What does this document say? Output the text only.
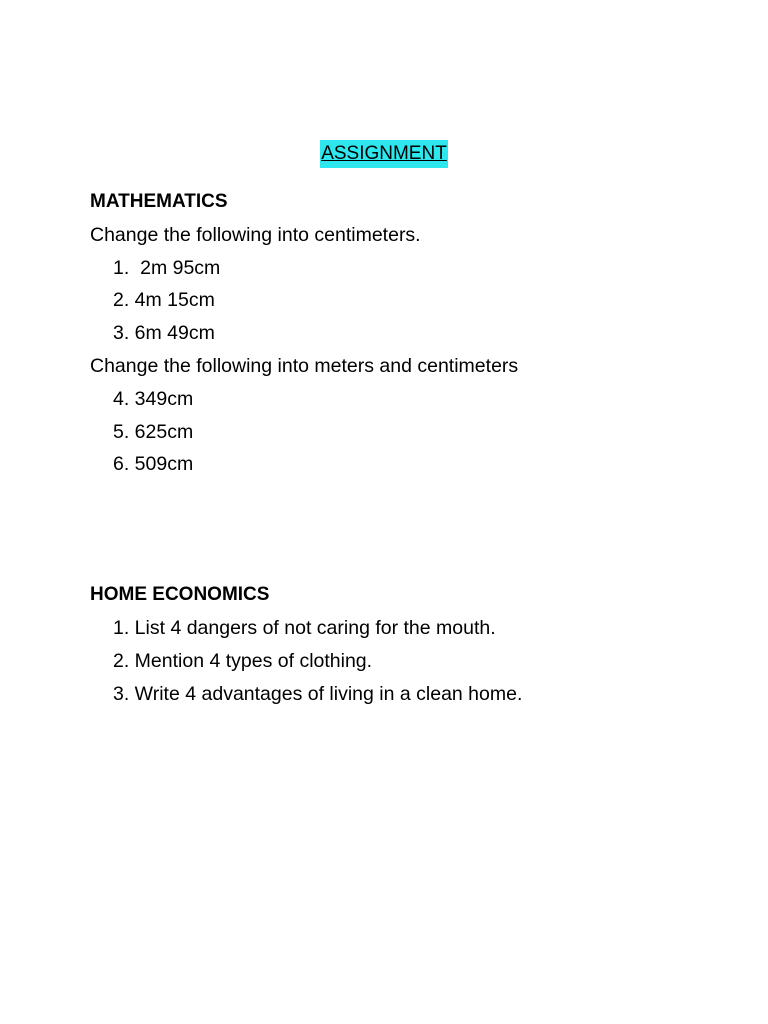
ASSIGNMENT
MATHEMATICS
Change the following into centimeters.
1.  2m 95cm
2. 4m 15cm
3. 6m 49cm
Change the following into meters and centimeters
4. 349cm
5. 625cm
6. 509cm
HOME ECONOMICS
1. List 4 dangers of not caring for the mouth.
2. Mention 4 types of clothing.
3. Write 4 advantages of living in a clean home.
